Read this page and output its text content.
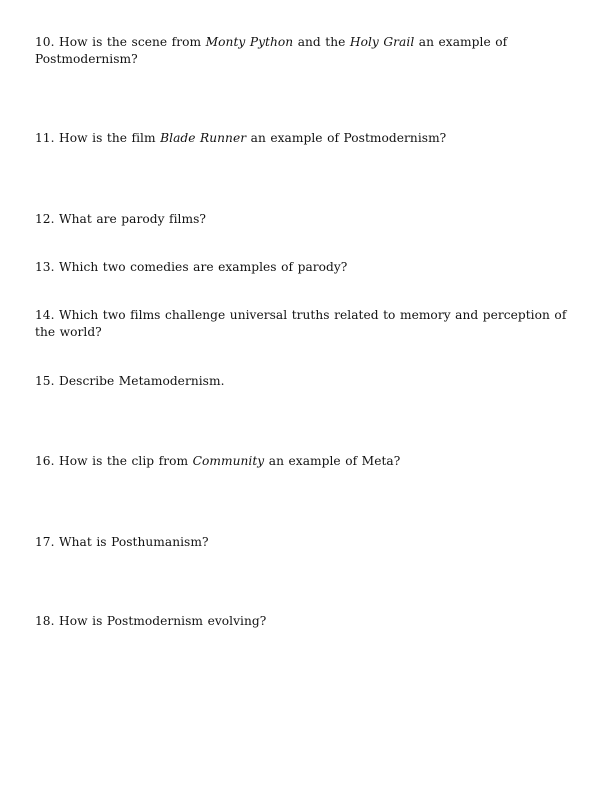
10. How is the scene from Monty Python and the Holy Grail an example of Postmodernism?
11. How is the film Blade Runner an example of Postmodernism?
12. What are parody films?
13. Which two comedies are examples of parody?
14. Which two films challenge universal truths related to memory and perception of the world?
15. Describe Metamodernism.
16. How is the clip from Community an example of Meta?
17. What is Posthumanism?
18. How is Postmodernism evolving?
